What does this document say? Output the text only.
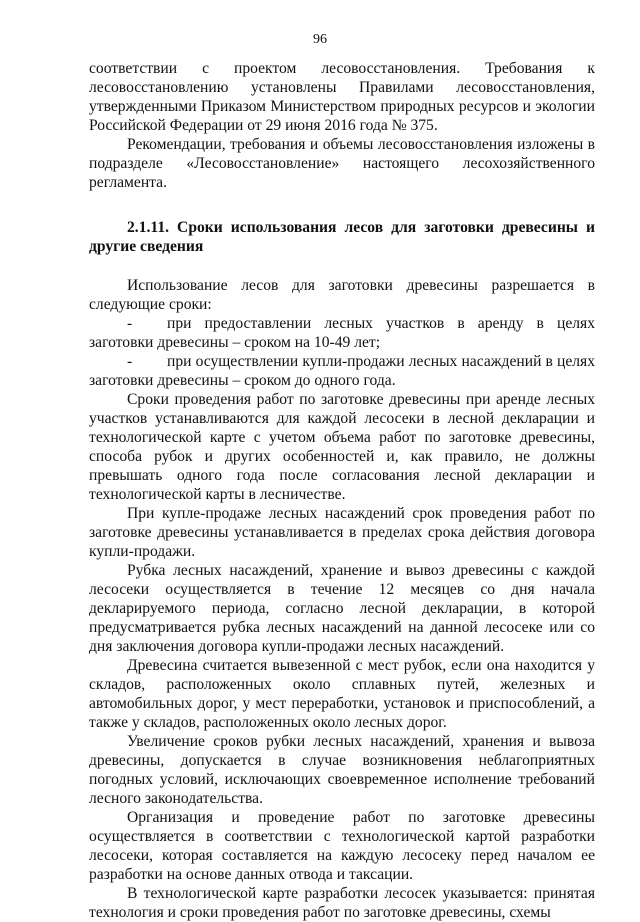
96

соответствии с проектом лесовосстановления. Требования к лесовосстановлению установлены Правилами лесовосстановления, утвержденными Приказом Министерством природных ресурсов и экологии Российской Федерации от 29 июня 2016 года № 375.

Рекомендации, требования и объемы лесовосстановления изложены в подразделе «Лесовосстановление» настоящего лесохозяйственного регламента.

2.1.11. Сроки использования лесов для заготовки древесины и другие сведения

Использование лесов для заготовки древесины разрешается в следующие сроки:

- при предоставлении лесных участков в аренду в целях заготовки древесины – сроком на 10-49 лет;

- при осуществлении купли-продажи лесных насаждений в целях заготовки древесины – сроком до одного года.

Сроки проведения работ по заготовке древесины при аренде лесных участков устанавливаются для каждой лесосеки в лесной декларации и технологической карте с учетом объема работ по заготовке древесины, способа рубок и других особенностей и, как правило, не должны превышать одного года после согласования лесной декларации и технологической карты в лесничестве.

При купле-продаже лесных насаждений срок проведения работ по заготовке древесины устанавливается в пределах срока действия договора купли-продажи.

Рубка лесных насаждений, хранение и вывоз древесины с каждой лесосеки осуществляется в течение 12 месяцев со дня начала декларируемого периода, согласно лесной декларации, в которой предусматривается рубка лесных насаждений на данной лесосеке или со дня заключения договора купли-продажи лесных насаждений.

Древесина считается вывезенной с мест рубок, если она находится у складов, расположенных около сплавных путей, железных и автомобильных дорог, у мест переработки, установок и приспособлений, а также у складов, расположенных около лесных дорог.

Увеличение сроков рубки лесных насаждений, хранения и вывоза древесины, допускается в случае возникновения неблагоприятных погодных условий, исключающих своевременное исполнение требований лесного законодательства.

Организация и проведение работ по заготовке древесины осуществляется в соответствии с технологической картой разработки лесосеки, которая составляется на каждую лесосеку перед началом ее разработки на основе данных отвода и таксации.

В технологической карте разработки лесосек указывается: принятая технология и сроки проведения работ по заготовке древесины, схемы
